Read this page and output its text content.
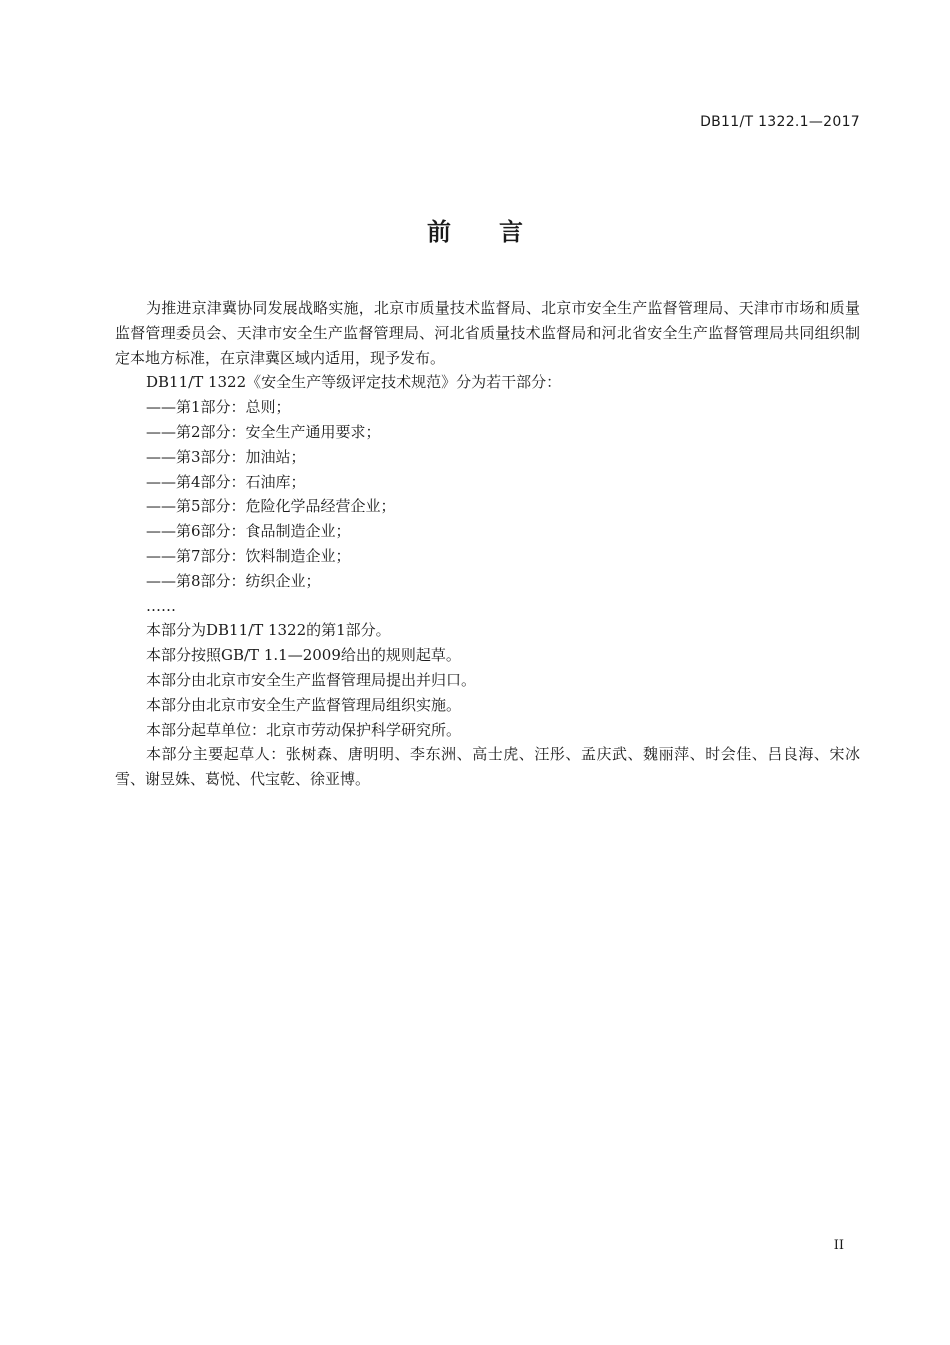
DB11/T 1322.1—2017
前 言

为推进京津冀协同发展战略实施，北京市质量技术监督局、北京市安全生产监督管理局、天津市市场和质量监督管理委员会、天津市安全生产监督管理局、河北省质量技术监督局和河北省安全生产监督管理局共同组织制定本地方标准，在京津冀区域内适用，现予发布。

DB11/T 1322《安全生产等级评定技术规范》分为若干部分：

——第1部分：总则；

——第2部分：安全生产通用要求；

——第3部分：加油站；

——第4部分：石油库；

——第5部分：危险化学品经营企业；

——第6部分：食品制造企业；

——第7部分：饮料制造企业；

——第8部分：纺织企业；

……

本部分为DB11/T 1322的第1部分。

本部分按照GB/T 1.1—2009给出的规则起草。

本部分由北京市安全生产监督管理局提出并归口。

本部分由北京市安全生产监督管理局组织实施。

本部分起草单位：北京市劳动保护科学研究所。

本部分主要起草人：张树森、唐明明、李东洲、高士虎、汪彤、孟庆武、魏丽萍、时会佳、吕良海、宋冰雪、谢昱姝、葛悦、代宝乾、徐亚博。

II
